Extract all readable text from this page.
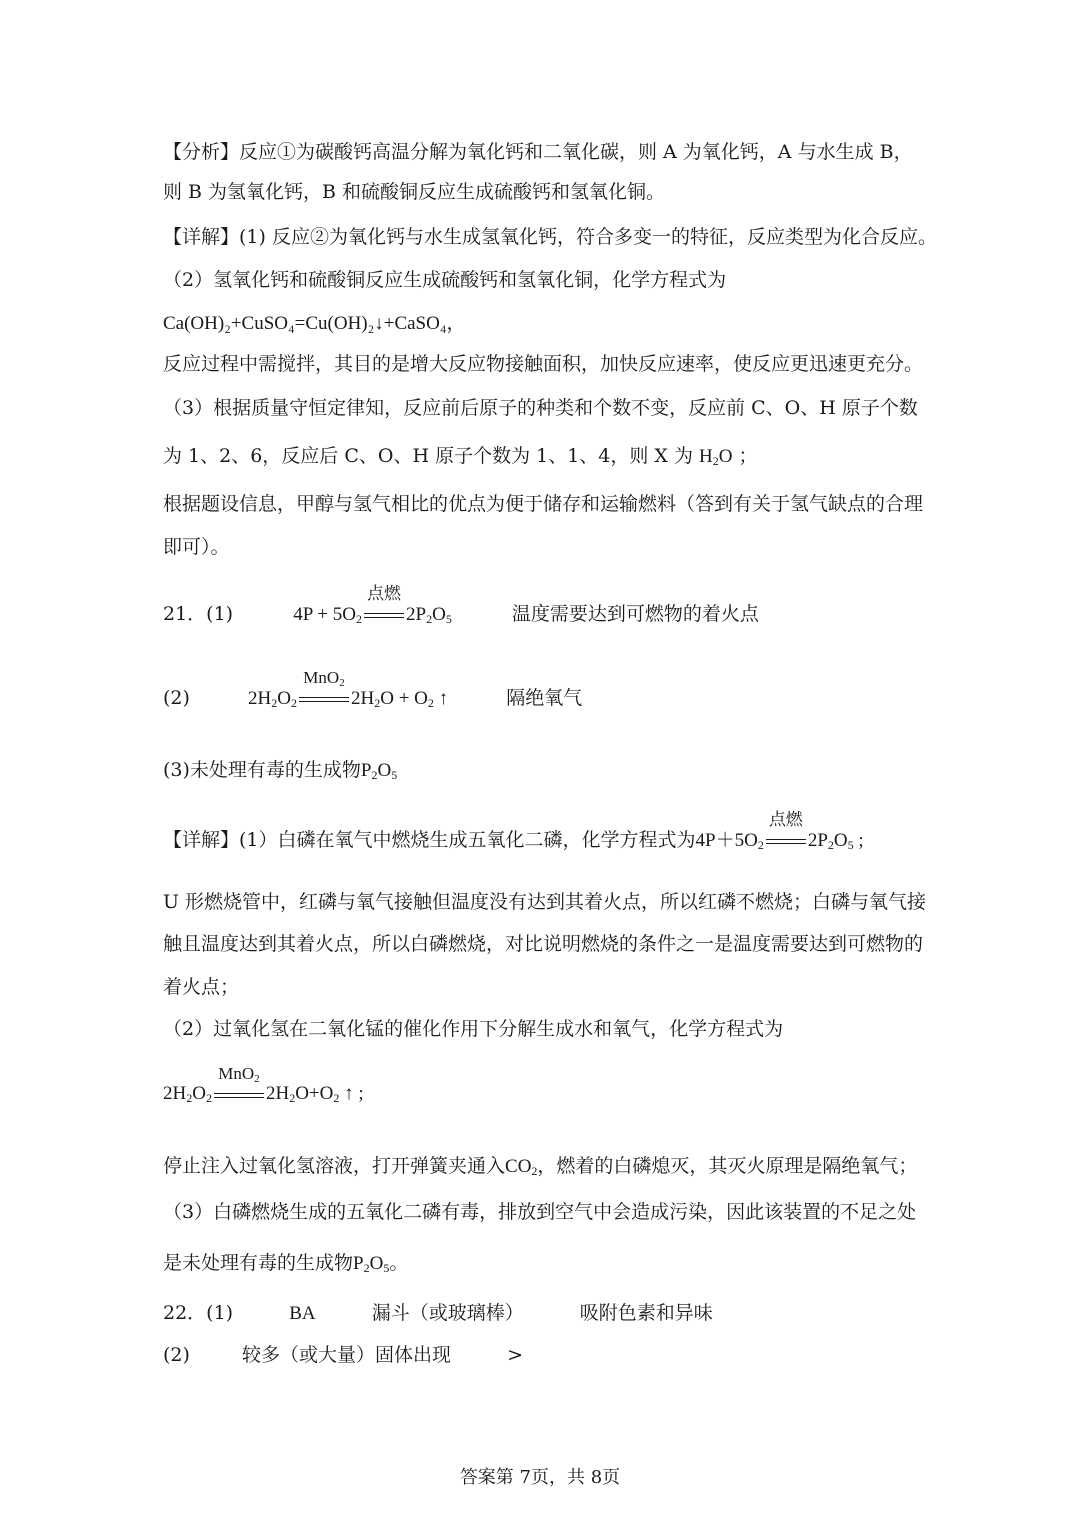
【分析】反应①为碳酸钙高温分解为氧化钙和二氧化碳，则 A 为氧化钙，A 与水生成 B，
则 B 为氢氧化钙，B 和硫酸铜反应生成硫酸钙和氢氧化铜。
【详解】(1) 反应②为氧化钙与水生成氢氧化钙，符合多变一的特征，反应类型为化合反应。
（2）氢氧化钙和硫酸铜反应生成硫酸钙和氢氧化铜，化学方程式为
Ca(OH)₂+CuSO₄=Cu(OH)₂↓+CaSO₄，
反应过程中需搅拌，其目的是增大反应物接触面积，加快反应速率，使反应更迅速更充分。
（3）根据质量守恒定律知，反应前后原子的种类和个数不变，反应前 C、O、H 原子个数
为 1、2、6，反应后 C、O、H 原子个数为 1、1、4，则 X 为 $H_2O$ ；
根据题设信息，甲醇与氢气相比的优点为便于储存和运输燃料（答到有关于氢气缺点的合理
即可）。
21．(1)	$4P + 5O_2$
点燃
$2P_2O_5$	温度需要达到可燃物的着火点
(2)	$2H_2O_2$
MnO$_2$
$2H_2O + O_2$ ↑	隔绝氧气
(3)未处理有毒的生成物$P_2O_5$
【详解】(1）白磷在氧气中燃烧生成五氧化二磷，化学方程式为$4P+5O_2$
点燃
$2P_2O_5$ ;
U 形燃烧管中，红磷与氧气接触但温度没有达到其着火点，所以红磷不燃烧；白磷与氧气接
触且温度达到其着火点，所以白磷燃烧，对比说明燃烧的条件之一是温度需要达到可燃物的
着火点；
（2）过氧化氢在二氧化锰的催化作用下分解生成水和氧气，化学方程式为
$2H_2O_2$
MnO$_2$
$2H_2O+O_2$ ↑ ;
停止注入过氧化氢溶液，打开弹簧夹通入$CO_2$，燃着的白磷熄灭，其灭火原理是隔绝氧气；
（3）白磷燃烧生成的五氧化二磷有毒，排放到空气中会造成污染，因此该装置的不足之处
是未处理有毒的生成物$P_2O_5$。
22．(1)	BA	漏斗（或玻璃棒）	吸附色素和异味
(2)	较多（或大量）固体出现	>
答案第 7页，共 8页
